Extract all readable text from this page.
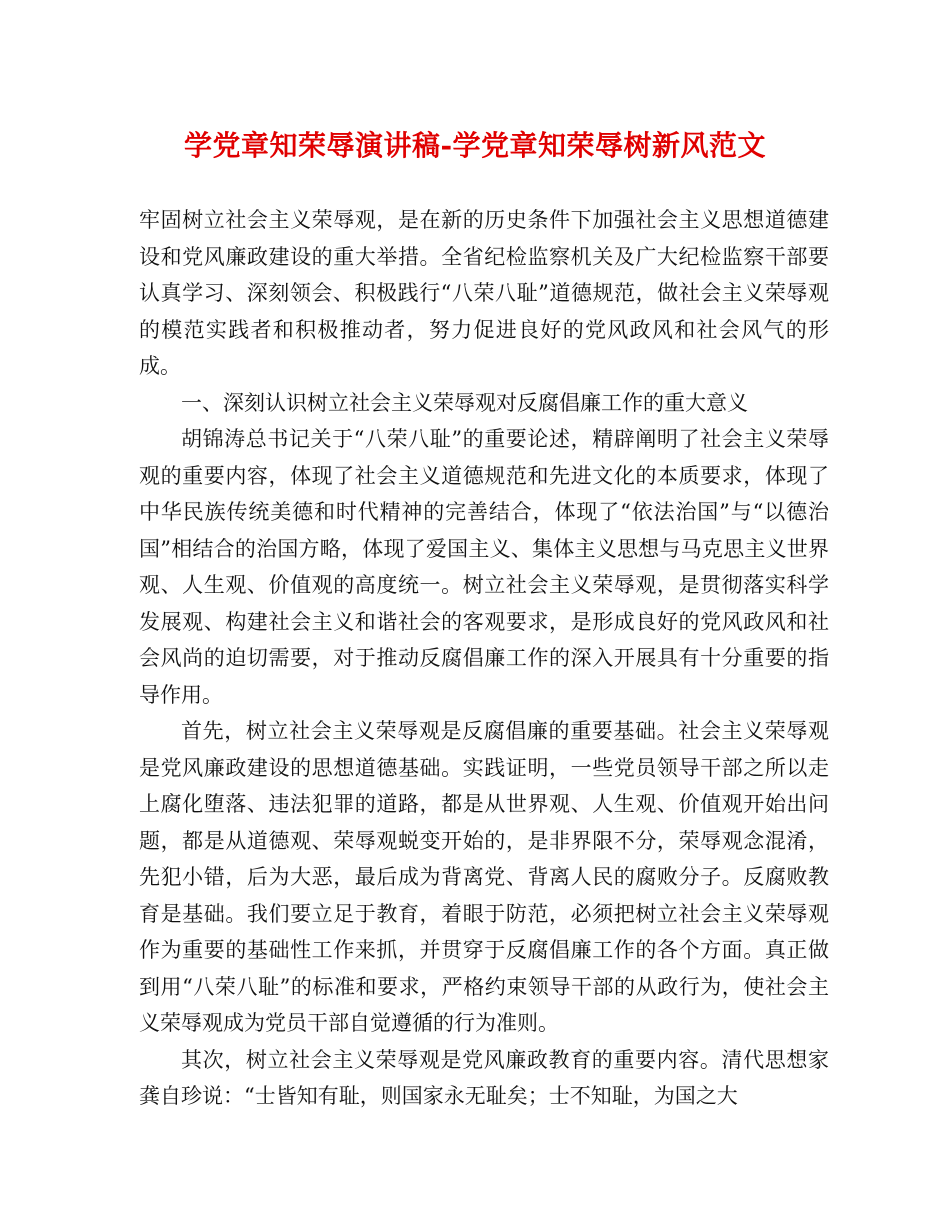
学党章知荣辱演讲稿-学党章知荣辱树新风范文

牢固树立社会主义荣辱观，是在新的历史条件下加强社会主义思想道德建设和党风廉政建设的重大举措。全省纪检监察机关及广大纪检监察干部要认真学习、深刻领会、积极践行“八荣八耻”道德规范，做社会主义荣辱观的模范实践者和积极推动者，努力促进良好的党风政风和社会风气的形成。

一、深刻认识树立社会主义荣辱观对反腐倡廉工作的重大意义

胡锦涛总书记关于“八荣八耻”的重要论述，精辟阐明了社会主义荣辱观的重要内容，体现了社会主义道德规范和先进文化的本质要求，体现了中华民族传统美德和时代精神的完善结合，体现了“依法治国”与“以德治国”相结合的治国方略，体现了爱国主义、集体主义思想与马克思主义世界观、人生观、价值观的高度统一。树立社会主义荣辱观，是贯彻落实科学发展观、构建社会主义和谐社会的客观要求，是形成良好的党风政风和社会风尚的迫切需要，对于推动反腐倡廉工作的深入开展具有十分重要的指导作用。

首先，树立社会主义荣辱观是反腐倡廉的重要基础。社会主义荣辱观是党风廉政建设的思想道德基础。实践证明，一些党员领导干部之所以走上腐化堕落、违法犯罪的道路，都是从世界观、人生观、价值观开始出问题，都是从道德观、荣辱观蜕变开始的，是非界限不分，荣辱观念混淆，先犯小错，后为大恶，最后成为背离党、背离人民的腐败分子。反腐败教育是基础。我们要立足于教育，着眼于防范，必须把树立社会主义荣辱观作为重要的基础性工作来抓，并贯穿于反腐倡廉工作的各个方面。真正做到用“八荣八耻”的标准和要求，严格约束领导干部的从政行为，使社会主义荣辱观成为党员干部自觉遵循的行为准则。

其次，树立社会主义荣辱观是党风廉政教育的重要内容。清代思想家龚自珍说：“士皆知有耻，则国家永无耻矣；士不知耻，为国之大
